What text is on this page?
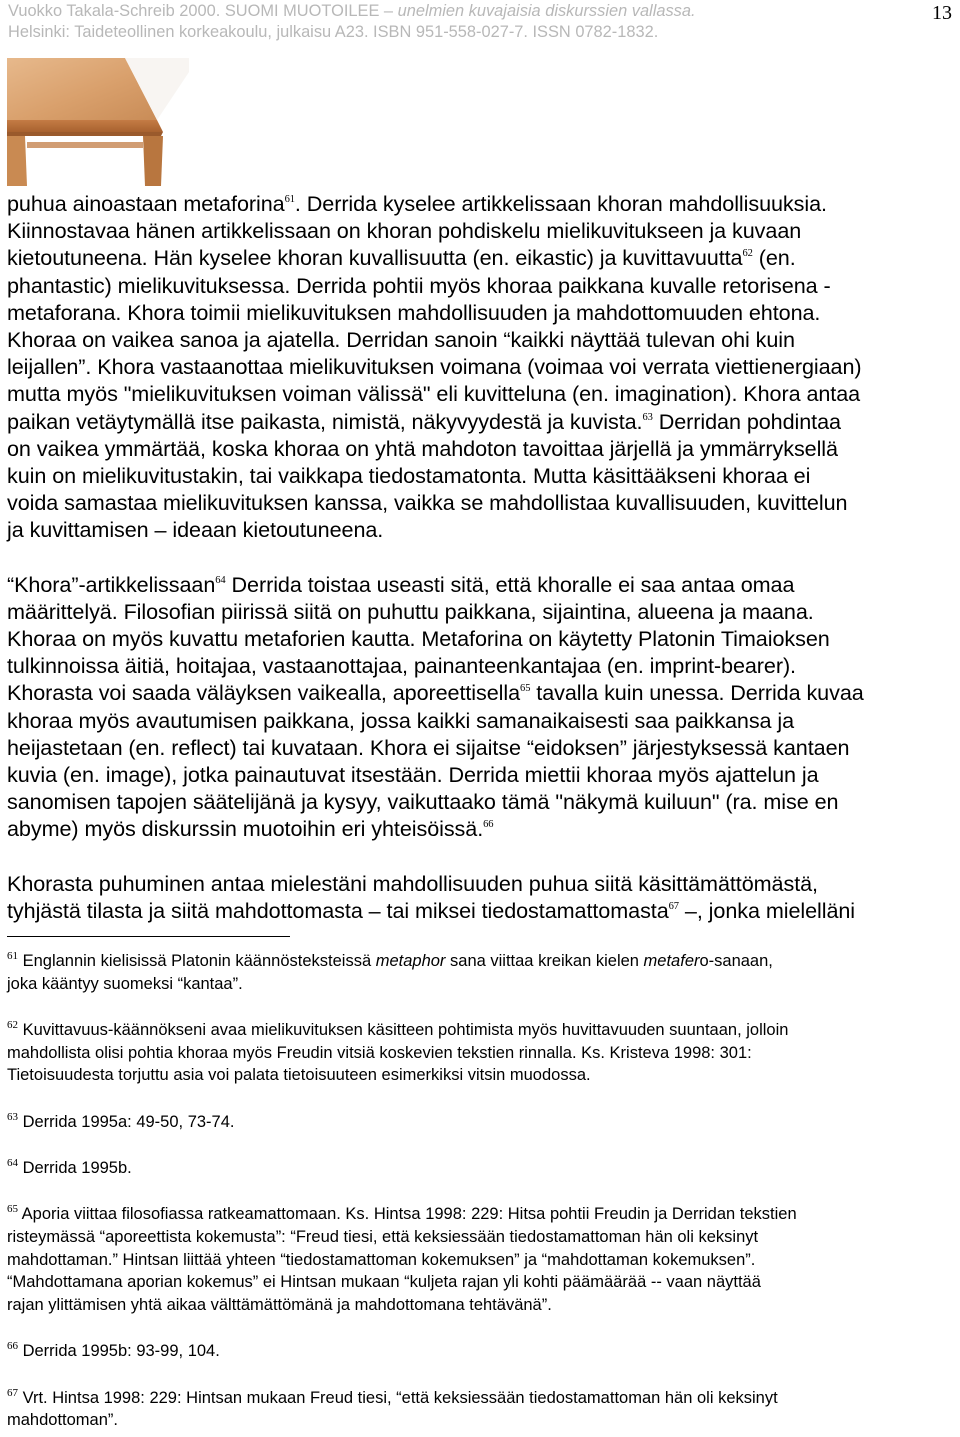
Vuokko Takala-Schreib 2000. SUOMI MUOTOILEE – unelmien kuvajaisia diskurssien vallassa.
Helsinki: Taideteollinen korkeakoulu, julkaisu A23. ISBN 951-558-027-7. ISSN 0782-1832.
13
puhua ainoastaan metaforina$^{61}$. Derrida kyselee artikkelissaan khoran mahdollisuuksia.
Kiinnostavaa hänen artikkelissaan on khoran pohdiskelu mielikuvitukseen ja kuvaan
kietoutuneena. Hän kyselee khoran kuvallisuutta (en. eikastic) ja kuvittavuutta$^{62}$ (en.
phantastic) mielikuvituksessa. Derrida pohtii myös khoraa paikkana kuvalle retorisena -
metaforana. Khora toimii mielikuvituksen mahdollisuuden ja mahdottomuuden ehtona.
Khoraa on vaikea sanoa ja ajatella. Derridan sanoin “kaikki näyttää tulevan ohi kuin
leijallen”. Khora vastaanottaa mielikuvituksen voimana (voimaa voi verrata viettienergiaan)
mutta myös "mielikuvituksen voiman välissä" eli kuvitteluna (en. imagination). Khora antaa
paikan vetäytymällä itse paikasta, nimistä, näkyvyydestä ja kuvista.$^{63}$ Derridan pohdintaa
on vaikea ymmärtää, koska khoraa on yhtä mahdoton tavoittaa järjellä ja ymmärryksellä
kuin on mielikuvitustakin, tai vaikkapa tiedostamatonta. Mutta käsittääkseni khoraa ei
voida samastaa mielikuvituksen kanssa, vaikka se mahdollistaa kuvallisuuden, kuvittelun
ja kuvittamisen – ideaan kietoutuneena.
“Khora”-artikkelissaan$^{64}$ Derrida toistaa useasti sitä, että khoralle ei saa antaa omaa
määrittelyä. Filosofian piirissä siitä on puhuttu paikkana, sijaintina, alueena ja maana.
Khoraa on myös kuvattu metaforien kautta. Metaforina on käytetty Platonin Timaioksen
tulkinnoissa äitiä, hoitajaa, vastaanottajaa, painanteenkantajaa (en. imprint-bearer).
Khorasta voi saada väläyksen vaikealla, aporeettisella$^{65}$ tavalla kuin unessa. Derrida kuvaa
khoraa myös avautumisen paikkana, jossa kaikki samanaikaisesti saa paikkansa ja
heijastetaan (en. reflect) tai kuvataan. Khora ei sijaitse “eidoksen” järjestyksessä kantaen
kuvia (en. image), jotka painautuvat itsestään. Derrida miettii khoraa myös ajattelun ja
sanomisen tapojen säätelijänä ja kysyy, vaikuttaako tämä "näkymä kuiluun" (ra. mise en
abyme) myös diskurssin muotoihin eri yhteisöissä.$^{66}$
Khorasta puhuminen antaa mielestäni mahdollisuuden puhua siitä käsittämättömästä,
tyhjästä tilasta ja siitä mahdottomasta – tai miksei tiedostamattomasta$^{67}$ –, jonka mielelläni
$^{61}$ Englannin kielisissä Platonin käännösteksteissä metaphor sana viittaa kreikan kielen metafero-sanaan,
joka kääntyy suomeksi “kantaa”.
$^{62}$ Kuvittavuus-käännökseni avaa mielikuvituksen käsitteen pohtimista myös huvittavuuden suuntaan, jolloin
mahdollista olisi pohtia khoraa myös Freudin vitsiä koskevien tekstien rinnalla. Ks. Kristeva 1998: 301:
Tietoisuudesta torjuttu asia voi palata tietoisuuteen esimerkiksi vitsin muodossa.
$^{63}$ Derrida 1995a: 49-50, 73-74.
$^{64}$ Derrida 1995b.
$^{65}$ Aporia viittaa filosofiassa ratkeamattomaan. Ks. Hintsa 1998: 229: Hitsa pohtii Freudin ja Derridan tekstien
risteymässä “aporeettista kokemusta”: “Freud tiesi, että keksiessään tiedostamattoman hän oli keksinyt
mahdottaman.” Hintsan liittää yhteen “tiedostamattoman kokemuksen” ja “mahdottaman kokemuksen”.
“Mahdottamana aporian kokemus” ei Hintsan mukaan “kuljeta rajan yli kohti päämäärää -- vaan näyttää
rajan ylittämisen yhtä aikaa välttämättömänä ja mahdottomana tehtävänä”.
$^{66}$ Derrida 1995b: 93-99, 104.
$^{67}$ Vrt. Hintsa 1998: 229: Hintsan mukaan Freud tiesi, “että keksiessään tiedostamattoman hän oli keksinyt
mahdottoman”.
